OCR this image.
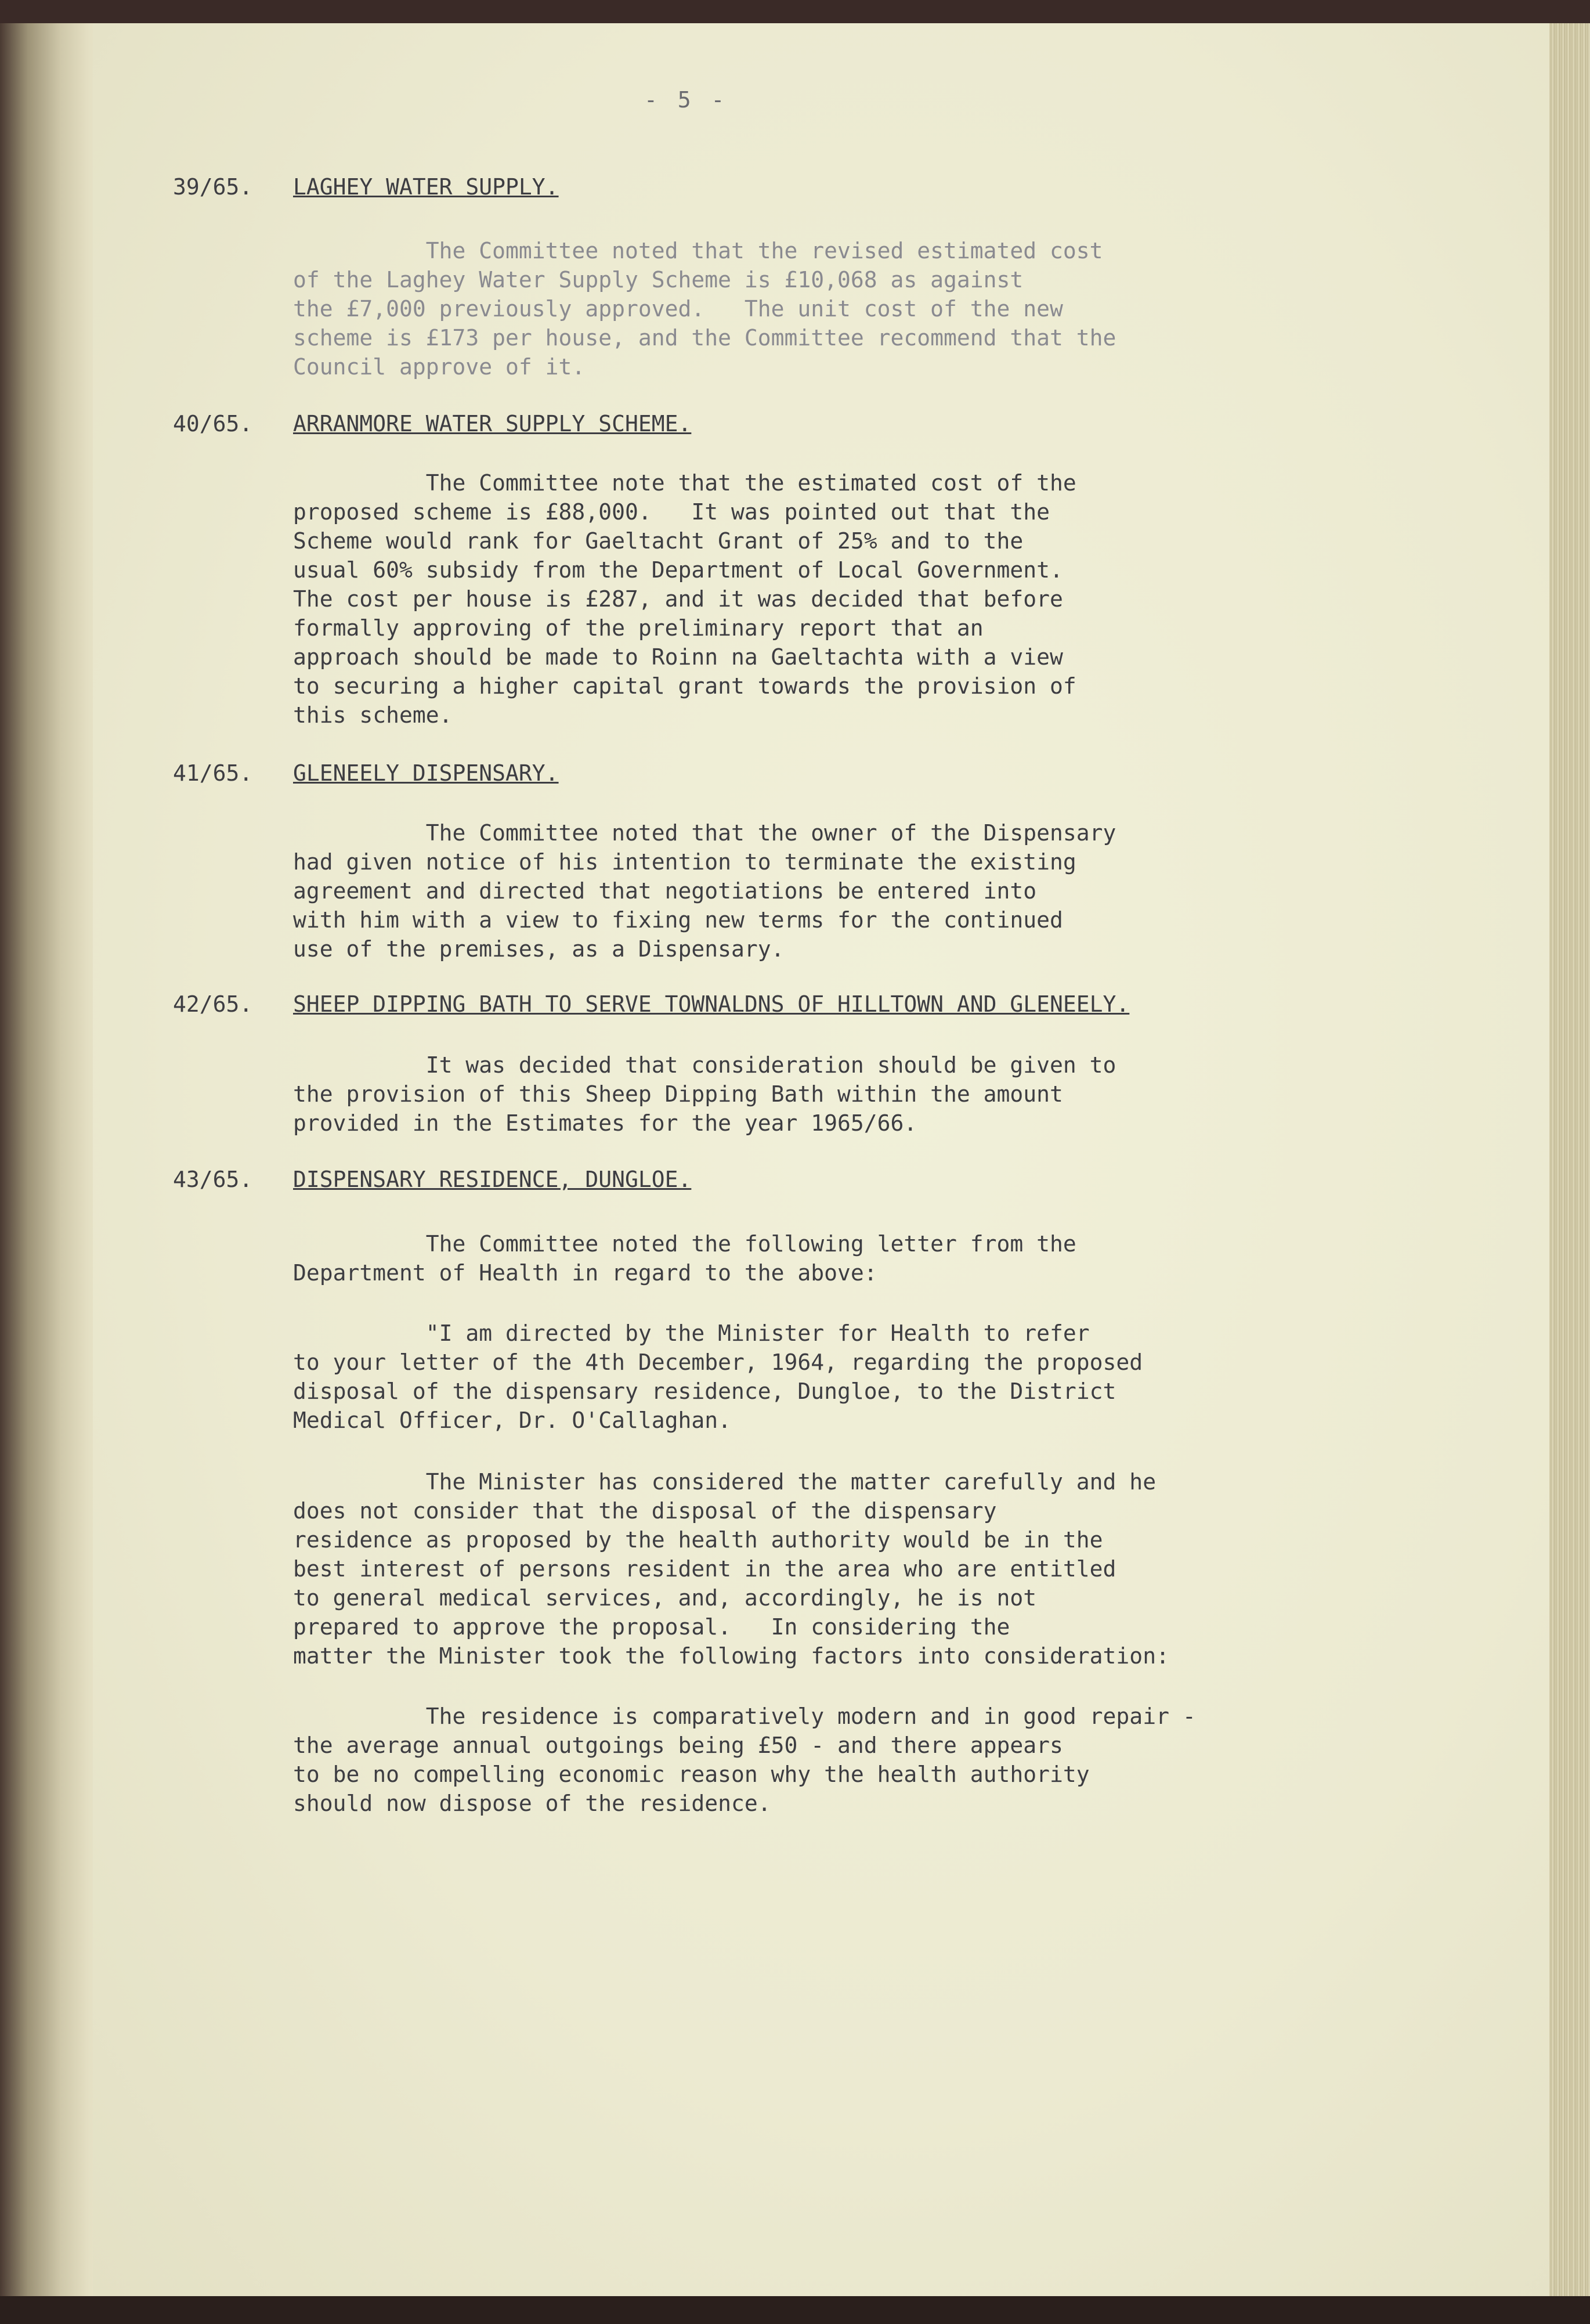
- 5 -
39/65. LAGHEY WATER SUPPLY.
The Committee noted that the revised estimated cost
of the Laghey Water Supply Scheme is £10,068 as against
the £7,000 previously approved.   The unit cost of the new
scheme is £173 per house, and the Committee recommend that the
Council approve of it.
40/65. ARRANMORE WATER SUPPLY SCHEME.
The Committee note that the estimated cost of the
proposed scheme is £88,000.   It was pointed out that the
Scheme would rank for Gaeltacht Grant of 25% and to the
usual 60% subsidy from the Department of Local Government.
The cost per house is £287, and it was decided that before
formally approving of the preliminary report that an
approach should be made to Roinn na Gaeltachta with a view
to securing a higher capital grant towards the provision of
this scheme.
41/65. GLENEELY DISPENSARY.
The Committee noted that the owner of the Dispensary
had given notice of his intention to terminate the existing
agreement and directed that negotiations be entered into
with him with a view to fixing new terms for the continued
use of the premises, as a Dispensary.
42/65. SHEEP DIPPING BATH TO SERVE TOWNALDNS OF HILLTOWN AND GLENEELY.
It was decided that consideration should be given to
the provision of this Sheep Dipping Bath within the amount
provided in the Estimates for the year 1965/66.
43/65. DISPENSARY RESIDENCE, DUNGLOE.
The Committee noted the following letter from the
Department of Health in regard to the above:
"I am directed by the Minister for Health to refer
to your letter of the 4th December, 1964, regarding the proposed
disposal of the dispensary residence, Dungloe, to the District
Medical Officer, Dr. O'Callaghan.
The Minister has considered the matter carefully and he
does not consider that the disposal of the dispensary
residence as proposed by the health authority would be in the
best interest of persons resident in the area who are entitled
to general medical services, and, accordingly, he is not
prepared to approve the proposal.   In considering the
matter the Minister took the following factors into consideration:
The residence is comparatively modern and in good repair -
the average annual outgoings being £50 - and there appears
to be no compelling economic reason why the health authority
should now dispose of the residence.
